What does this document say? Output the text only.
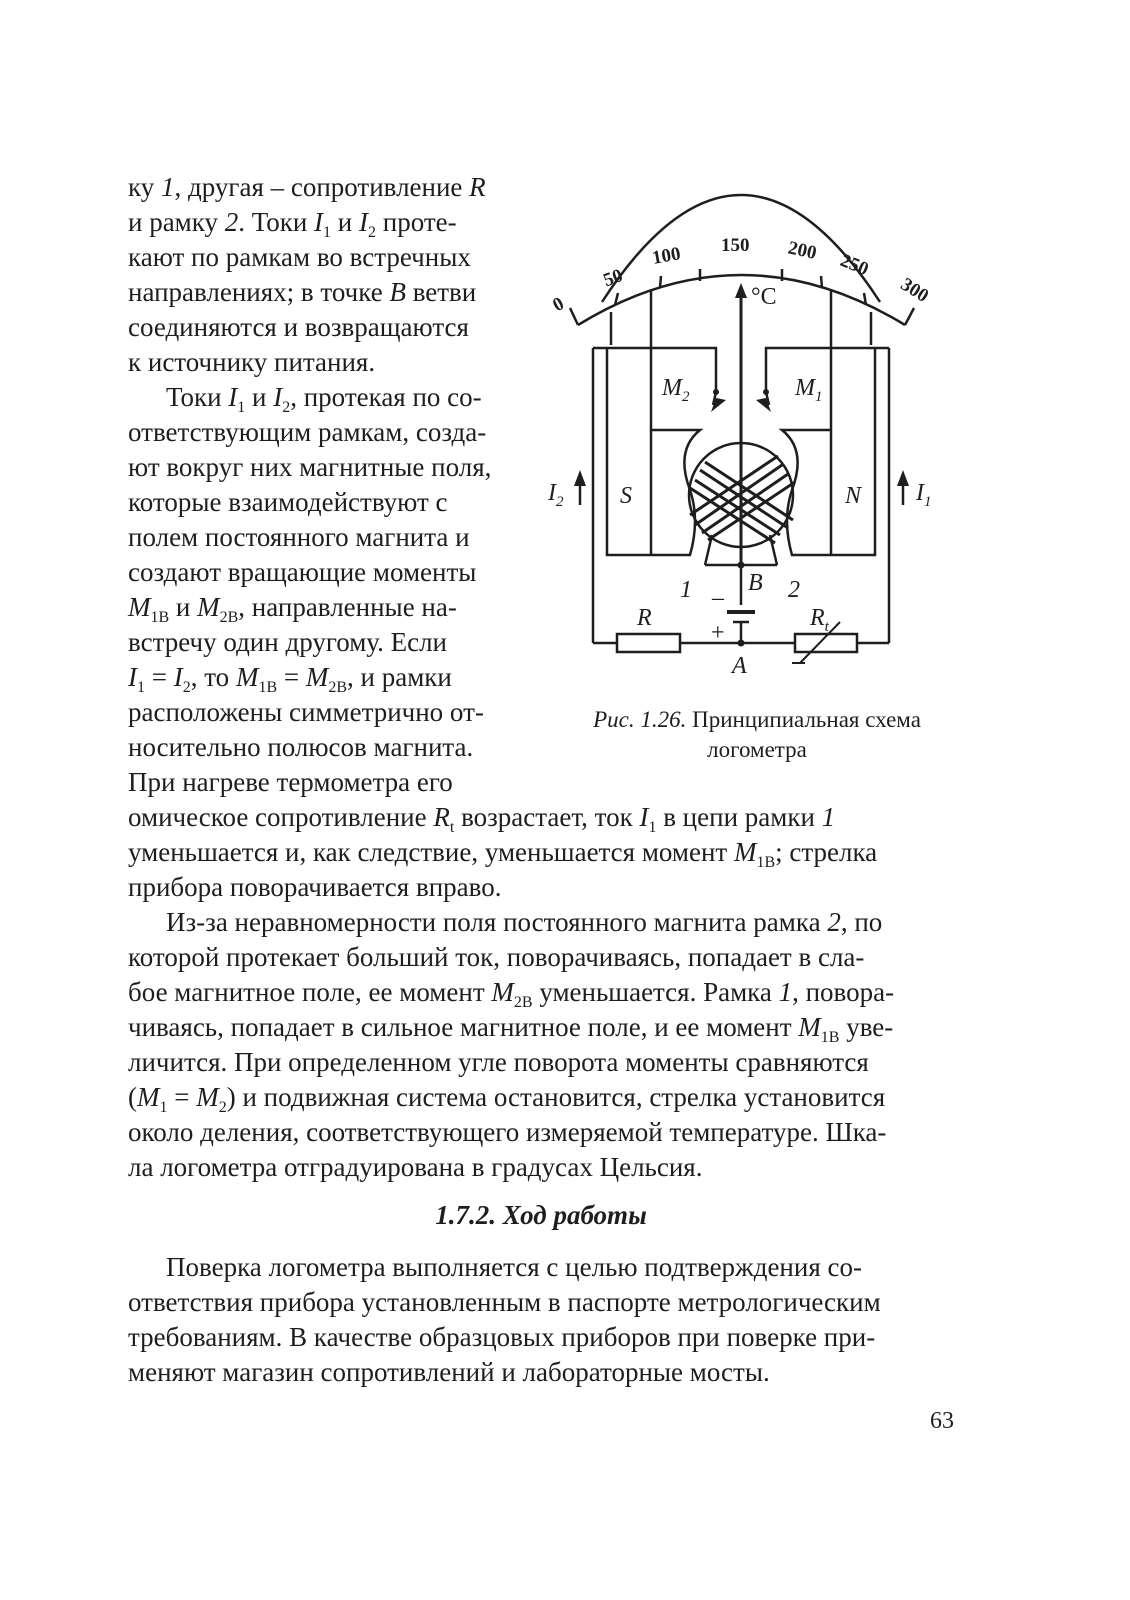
ку 1, другая – сопротивление R
и рамку 2. Токи $I_1$ и $I_2$ проте-
кают по рамкам во встречных
направлениях; в точке B ветви
соединяются и возвращаются
к источнику питания.
Токи $I_1$ и $I_2$, протекая по со-
ответствующим рамкам, созда-
ют вокруг них магнитные поля,
которые взаимодействуют с
полем постоянного магнита и
создают вращающие моменты
$M_{1В}$ и $M_{2В}$, направленные на-
встречу один другому. Если
$I_1 = I_2$, то $M_{1В} = M_{2В}$, и рамки
расположены симметрично от-
носительно полюсов магнита.
При нагреве термометра его
омическое сопротивление $R_t$ возрастает, ток $I_1$ в цепи рамки 1
уменьшается и, как следствие, уменьшается момент $M_{1В}$; стрелка
прибора поворачивается вправо.
Из-за неравномерности поля постоянного магнита рамка 2, по
которой протекает больший ток, поворачиваясь, попадает в сла-
бое магнитное поле, ее момент $M_{2В}$ уменьшается. Рамка 1, повора-
чиваясь, попадает в сильное магнитное поле, и ее момент $M_{1В}$ уве-
личится. При определенном угле поворота моменты сравняются
$(M_1 = M_2)$ и подвижная система остановится, стрелка установится
около деления, соответствующего измеряемой температуре. Шка-
ла логометра отградуирована в градусах Цельсия.
1.7.2. Ход работы
Поверка логометра выполняется с целью подтверждения со-
ответствия прибора установленным в паспорте метрологическим
требованиям. В качестве образцовых приборов при поверке при-
меняют магазин сопротивлений и лабораторные мосты.
63
0
50
100 150 200 250
300
°C
$M_2$	$M_1$
S	N
$I_2$	$I_1$
1	2
B
–
+
R	$R_t$
A
Рис. 1.26. Принципиальная схема
логометра
